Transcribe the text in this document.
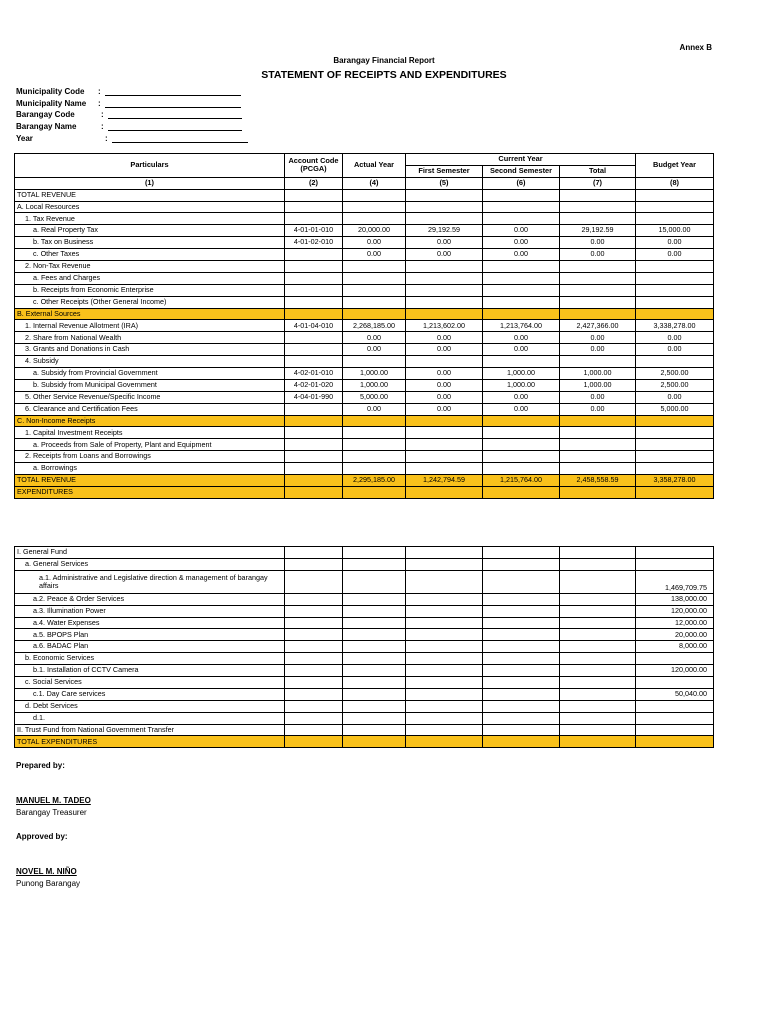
Annex B
Barangay Financial Report
STATEMENT OF RECEIPTS AND EXPENDITURES
Municipality Code	:
Municipality Name	:
Barangay Code	:
Barangay Name	:
Year	:
Particulars	Account Code (PCGA)	Actual Year	Current Year			Budget Year
			First Semester	Second Semester	Total	
(1)	(2)	(4)	(5)	(6)	(7)	(8)
TOTAL REVENUE						
A. Local Resources						
1. Tax Revenue						
a. Real Property Tax	4-01-01-010	20,000.00	29,192.59	0.00	29,192.59	15,000.00
b. Tax on Business	4-01-02-010	0.00	0.00	0.00	0.00	0.00
c. Other Taxes		0.00	0.00	0.00	0.00	0.00
2. Non-Tax Revenue						
a. Fees and Charges						
b. Receipts from Economic Enterprise						
c. Other Receipts (Other General Income)						
B. External Sources						
1. Internal Revenue Allotment (IRA)	4-01-04-010	2,268,185.00	1,213,602.00	1,213,764.00	2,427,366.00	3,338,278.00
2. Share from National Wealth		0.00	0.00	0.00	0.00	0.00
3. Grants and Donations in Cash		0.00	0.00	0.00	0.00	0.00
4. Subsidy						
a. Subsidy from Provincial Government	4-02-01-010	1,000.00	0.00	1,000.00	1,000.00	2,500.00
b. Subsidy from Municipal Government	4-02-01-020	1,000.00	0.00	1,000.00	1,000.00	2,500.00
5. Other Service Revenue/Specific Income	4-04-01-990	5,000.00	0.00	0.00	0.00	0.00
6. Clearance and Certification Fees		0.00	0.00	0.00	0.00	5,000.00
C. Non-Income Receipts						
1. Capital Investment Receipts						
a. Proceeds from Sale of Property, Plant and Equipment						
2. Receipts from Loans and Borrowings						
a. Borrowings						
TOTAL REVENUE		2,295,185.00	1,242,794.59	1,215,764.00	2,458,558.59	3,358,278.00
EXPENDITURES						
I. General Fund						
a. General Services						
a.1. Administrative and Legislative direction & management of barangay affairs						1,469,709.75
a.2. Peace & Order Services						138,000.00
a.3. Illumination Power						120,000.00
a.4. Water Expenses						12,000.00
a.5. BPOPS Plan						20,000.00
a.6. BADAC Plan						8,000.00
b. Economic Services						
b.1. Installation of CCTV Camera						120,000.00
c. Social Services						
c.1. Day Care services						50,040.00
d. Debt Services						
d.1.						
II. Trust Fund from National Government Transfer						
TOTAL EXPENDITURES						
Prepared by:
MANUEL M. TADEO
Barangay Treasurer
Approved by:
NOVEL M. NIÑO
Punong Barangay
